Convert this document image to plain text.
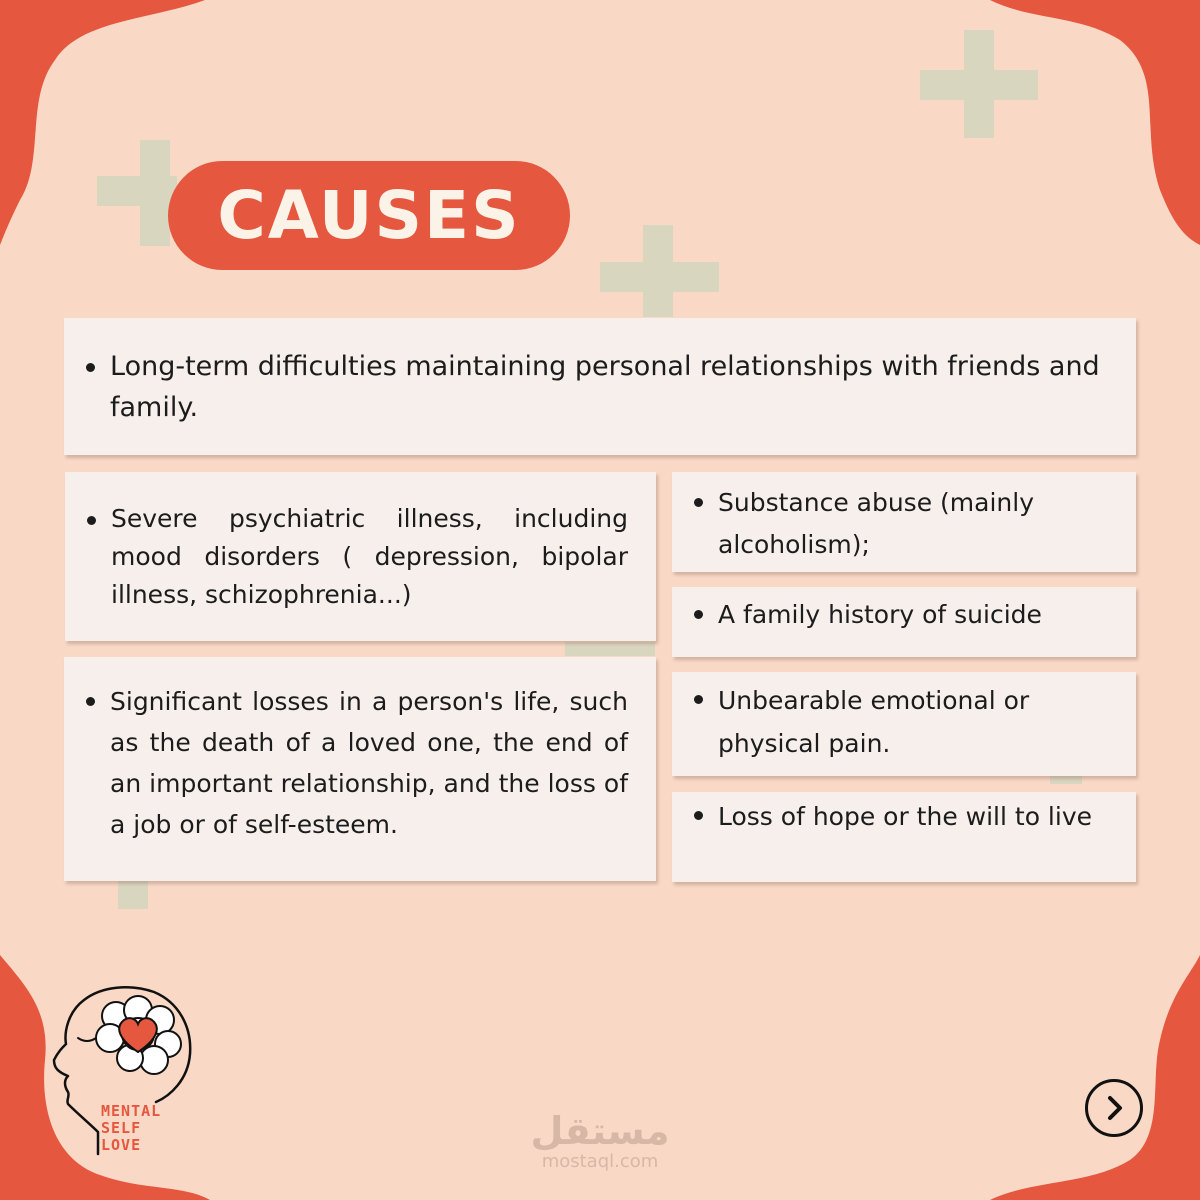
CAUSES
Long-term difficulties maintaining personal relationships with friends and family.
Severe psychiatric illness, including mood disorders ( depression, bipolar illness, schizophrenia...)
Significant losses in a person's life, such as the death of a loved one, the end of an important relationship, and the loss of a job or of self-esteem.
Substance abuse (mainly alcoholism);
A family history of suicide
Unbearable emotional or physical pain.
Loss of hope or the will to live
MENTAL
SELF
LOVE	مستقل
mostaql.com
